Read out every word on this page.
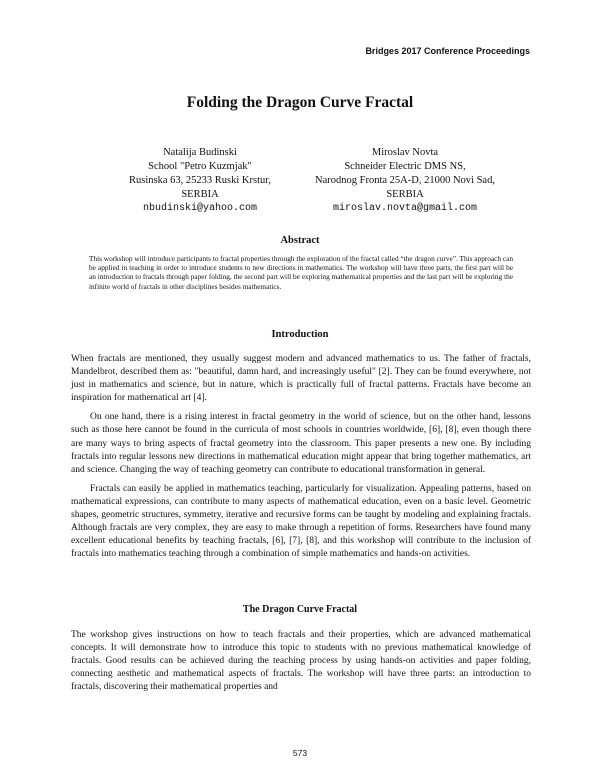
Bridges 2017 Conference Proceedings
Folding the Dragon Curve Fractal
Natalija Budinski
School "Petro Kuzmjak"
Rusinska 63, 25233 Ruski Krstur,
SERBIA
nbudinski@yahoo.com
Miroslav Novta
Schneider Electric DMS NS,
Narodnog Fronta 25A-D, 21000 Novi Sad,
SERBIA
miroslav.novta@gmail.com
Abstract
This workshop will introduce participants to fractal properties through the exploration of the fractal called “the dragon curve”. This approach can be applied in teaching in order to introduce students to new directions in mathematics. The workshop will have three parts, the first part will be an introduction to fractals through paper folding, the second part will be exploring mathematical properties and the last part will be exploring the infinite world of fractals in other disciplines besides mathematics.
Introduction

When fractals are mentioned, they usually suggest modern and advanced mathematics to us. The father of fractals, Mandelbrot, described them as: "beautiful, damn hard, and increasingly useful" [2]. They can be found everywhere, not just in mathematics and science, but in nature, which is practically full of fractal patterns. Fractals have become an inspiration for mathematical art [4].

On one hand, there is a rising interest in fractal geometry in the world of science, but on the other hand, lessons such as those here cannot be found in the curricula of most schools in countries worldwide, [6], [8], even though there are many ways to bring aspects of fractal geometry into the classroom. This paper presents a new one. By including fractals into regular lessons new directions in mathematical education might appear that bring together mathematics, art and science. Changing the way of teaching geometry can contribute to educational transformation in general.

Fractals can easily be applied in mathematics teaching, particularly for visualization. Appealing patterns, based on mathematical expressions, can contribute to many aspects of mathematical education, even on a basic level. Geometric shapes, geometric structures, symmetry, iterative and recursive forms can be taught by modeling and explaining fractals. Although fractals are very complex, they are easy to make through a repetition of forms. Researchers have found many excellent educational benefits by teaching fractals, [6], [7], [8], and this workshop will contribute to the inclusion of fractals into mathematics teaching through a combination of simple mathematics and hands-on activities.

The Dragon Curve Fractal

The workshop gives instructions on how to teach fractals and their properties, which are advanced mathematical concepts. It will demonstrate how to introduce this topic to students with no previous mathematical knowledge of fractals. Good results can be achieved during the teaching process by using hands-on activities and paper folding, connecting aesthetic and mathematical aspects of fractals. The workshop will have three parts: an introduction to fractals, discovering their mathematical properties and

573
